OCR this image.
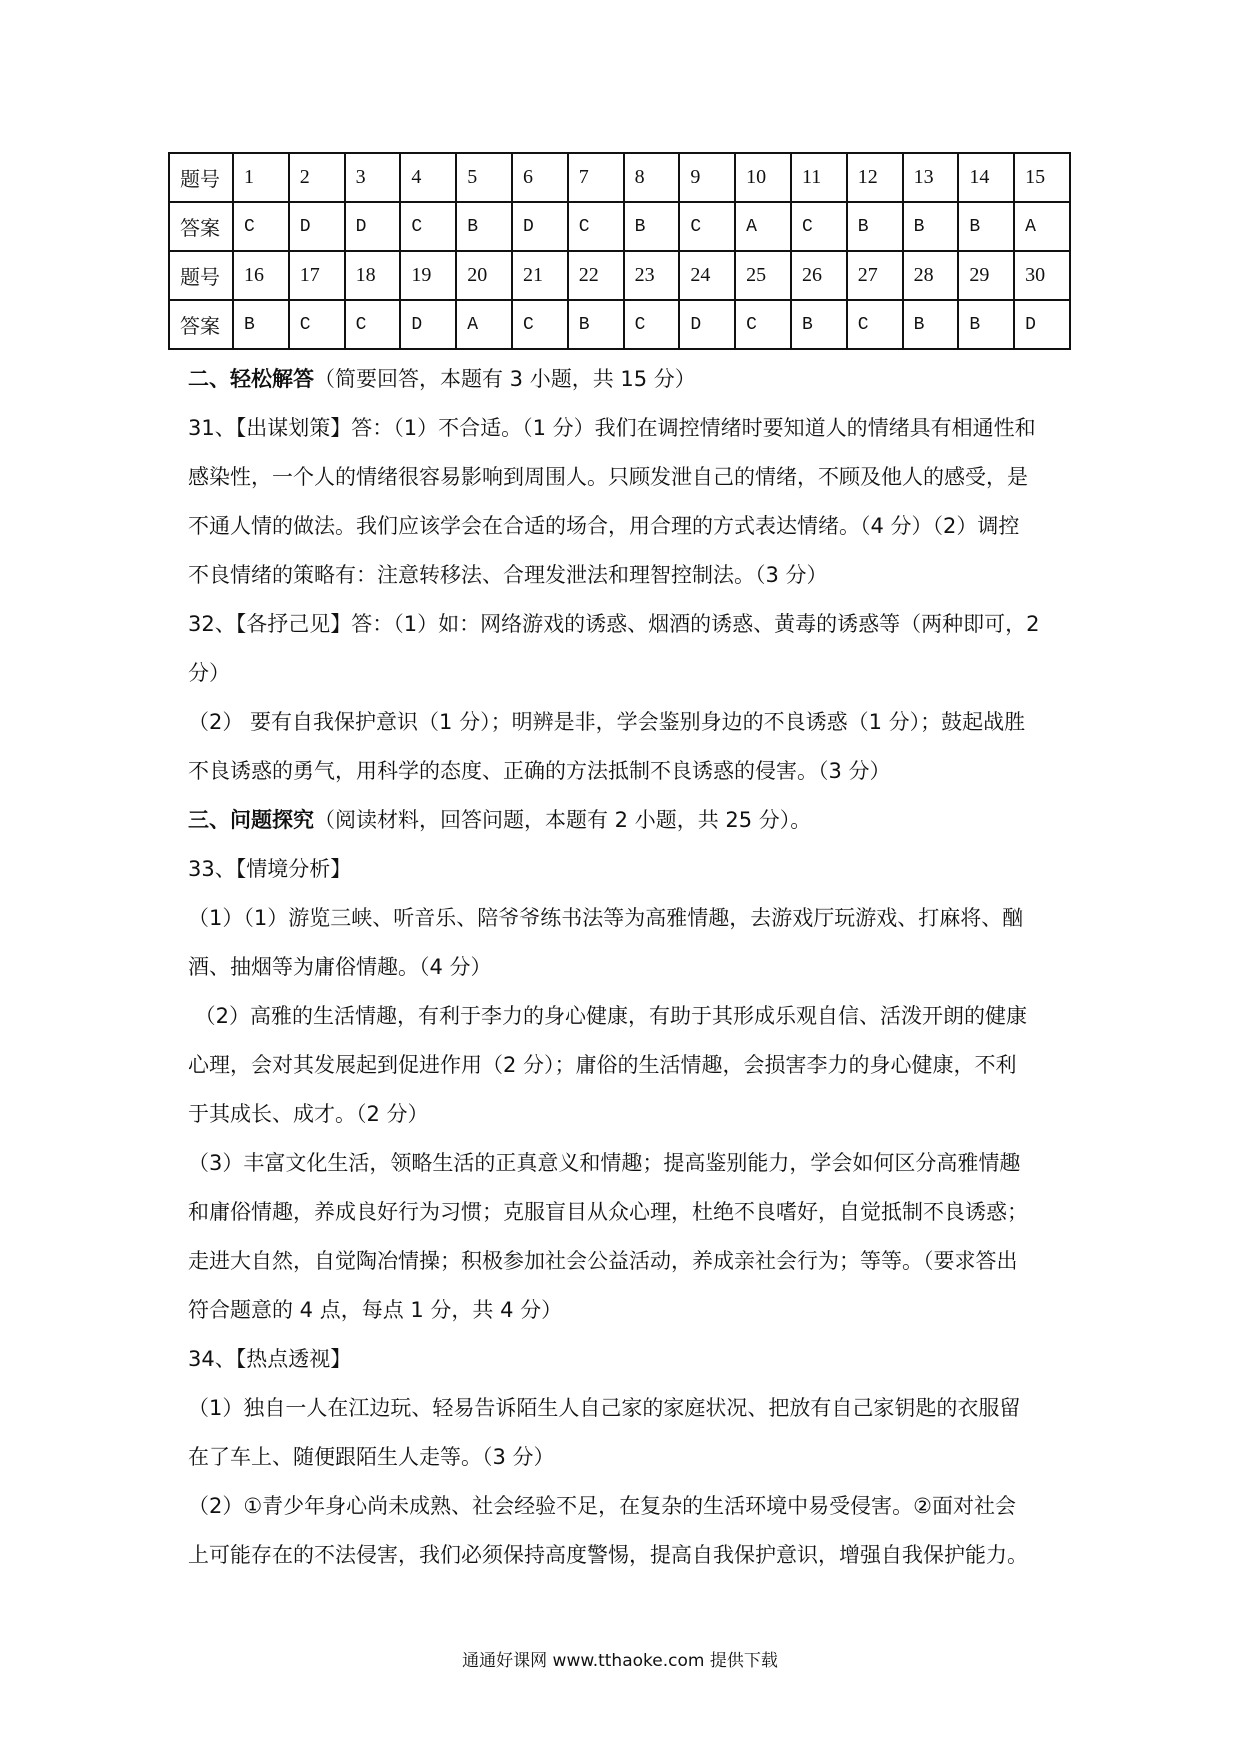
题号	1	2	3	4	5	6	7	8	9	10	11	12	13	14	15
答案	C	D	D	C	B	D	C	B	C	A	C	B	B	B	A
题号	16	17	18	19	20	21	22	23	24	25	26	27	28	29	30
答案	B	C	C	D	A	C	B	C	D	C	B	C	B	B	D

二、轻松解答（简要回答，本题有 3 小题，共 15 分）

31、【出谋划策】答：（1）不合适。（1 分）我们在调控情绪时要知道人的情绪具有相通性和

感染性，一个人的情绪很容易影响到周围人。只顾发泄自己的情绪，不顾及他人的感受，是

不通人情的做法。我们应该学会在合适的场合，用合理的方式表达情绪。（4 分）（2）调控

不良情绪的策略有：注意转移法、合理发泄法和理智控制法。（3 分）

32、【各抒己见】答：（1）如：网络游戏的诱惑、烟酒的诱惑、黄毒的诱惑等（两种即可，2

分）

（2） 要有自我保护意识（1 分）；明辨是非，学会鉴别身边的不良诱惑（1 分）；鼓起战胜

不良诱惑的勇气，用科学的态度、正确的方法抵制不良诱惑的侵害。（3 分）

三、问题探究（阅读材料，回答问题，本题有 2 小题，共 25 分）。

33、【情境分析】

（1）（1）游览三峡、听音乐、陪爷爷练书法等为高雅情趣，去游戏厅玩游戏、打麻将、酗

酒、抽烟等为庸俗情趣。（4 分）

（2）高雅的生活情趣，有利于李力的身心健康，有助于其形成乐观自信、活泼开朗的健康

心理，会对其发展起到促进作用（2 分）；庸俗的生活情趣，会损害李力的身心健康，不利

于其成长、成才。（2 分）

（3）丰富文化生活，领略生活的正真意义和情趣；提高鉴别能力，学会如何区分高雅情趣

和庸俗情趣，养成良好行为习惯；克服盲目从众心理，杜绝不良嗜好，自觉抵制不良诱惑；

走进大自然，自觉陶冶情操；积极参加社会公益活动，养成亲社会行为；等等。（要求答出

符合题意的 4 点，每点 1 分，共 4 分）

34、【热点透视】

（1）独自一人在江边玩、轻易告诉陌生人自己家的家庭状况、把放有自己家钥匙的衣服留

在了车上、随便跟陌生人走等。（3 分）

（2）①青少年身心尚未成熟、社会经验不足，在复杂的生活环境中易受侵害。②面对社会

上可能存在的不法侵害，我们必须保持高度警惕，提高自我保护意识，增强自我保护能力。

通通好课网 www.tthaoke.com 提供下载
